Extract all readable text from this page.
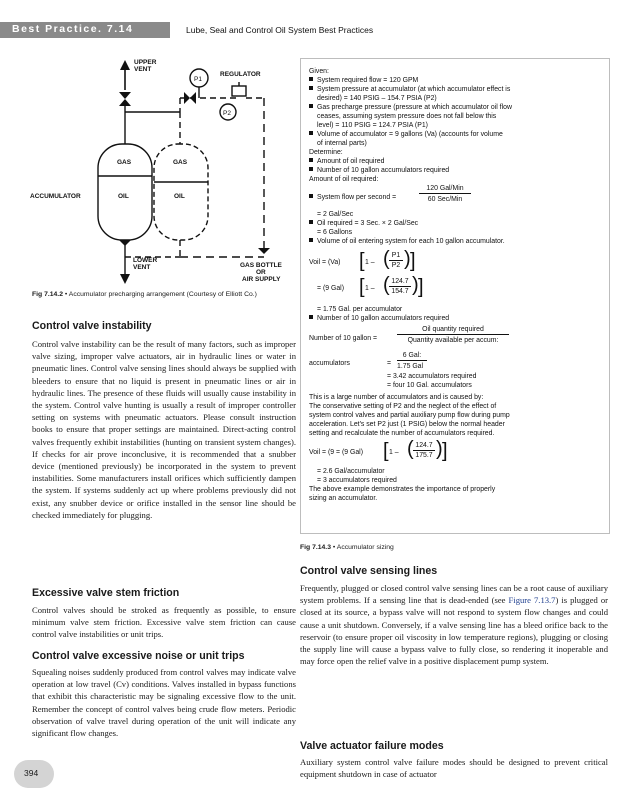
Best Practice. 7.14	Lube, Seal and Control Oil System Best Practices
UPPER VENT
P1
REGULATOR
P2
GAS	GAS
ACCUMULATOR	OIL	OIL
LOWER VENT	GAS BOTTLE OR AIR SUPPLY
Fig 7.14.2 • Accumulator precharging arrangement (Courtesy of Elliott Co.)
Control valve instability
Control valve instability can be the result of many factors, such as improper valve sizing, improper valve actuators, air in hydraulic lines or water in pneumatic lines. Control valve sensing lines should always be supplied with bleeders to ensure that no liquid is present in pneumatic lines or air in hydraulic lines. The presence of these fluids will usually cause instability in the system. Control valve hunting is usually a result of improper controller setting on systems with pneumatic actuators. Please consult instruction books to ensure that proper settings are maintained. Direct-acting control valves frequently exhibit instabilities (hunting on transient system changes). If checks for air prove inconclusive, it is recommended that a snubber device (mentioned previously) be incorporated in the system to prevent instabilities. Some manufacturers install orifices which sufficiently dampen the system. If systems suddenly act up where problems previously did not exist, any snubber device or orifice installed in the sensor line should be checked immediately for plugging.
Excessive valve stem friction
Control valves should be stroked as frequently as possible, to ensure minimum valve stem friction. Excessive valve stem friction can cause control valve instabilities or unit trips.
Control valve excessive noise or unit trips
Squealing noises suddenly produced from control valves may indicate valve operation at low travel (Cv) conditions. Valves installed in bypass functions that exhibit this characteristic may be signaling excessive flow to the unit. Remember the concept of control valves being crude flow meters. Periodic observation of valve travel during operation of the unit will indicate any significant flow changes.
394
Given:
System required flow = 120 GPM
System pressure at accumulator (at which accumulator effect is
desired) = 140 PSIG – 154.7 PSIA (P2)
Gas precharge pressure (pressure at which accumulator oil flow
ceases, assuming system pressure does not fall below this
level) = 110 PSIG = 124.7 PSIA (P1)
Volume of accumulator = 9 gallons (Va) (accounts for volume
of internal parts)
Determine:
Amount of oil required
Number of 10 gallon accumulators required
Amount of oil required:
System flow per second =
120 Gal/Min
60 Sec/Min
= 2 Gal/Sec
Oil required = 3 Sec. × 2 Gal/Sec
= 6 Gallons
Volume of oil entering system for each 10 gallon accumulator.
Voil = (Va) [ 1 – ( P1
P2 ) ]
= (9 Gal) [ 1 – ( 124.7
154.7 ) ]
= 1.75 Gal. per accumulator
Number of 10 gallon accumulators required
Number of 10 gallon =
Oil quantity required
Quantity available per accum:
accumulators	=
6 Gal:
1.75 Gal
= 3.42 accumulators required
= four 10 Gal. accumulators
This is a large number of accumulators and is caused by:
The conservative setting of P2 and the neglect of the effect of
system control valves and partial auxiliary pump flow during pump
acceleration. Let's set P2 just (1 PSIG) below the normal header
setting and recalculate the number of accumulators required.
Voil = (9 = (9 Gal) [ 1 – ( 124.7
175.7 ) ]
= 2.6 Gal/accumulator
= 3 accumulators required
The above example demonstrates the importance of properly
sizing an accumulator.
Fig 7.14.3 • Accumulator sizing
Control valve sensing lines
Frequently, plugged or closed control valve sensing lines can be a root cause of auxiliary system problems. If a sensing line that is dead-ended (see Figure 7.13.7) is plugged or closed at its source, a bypass valve will not respond to system flow changes and could cause a unit shutdown. Conversely, if a valve sensing line has a bleed orifice back to the reservoir (to ensure proper oil viscosity in low temperature regions), plugging or closing the supply line will cause a bypass valve to fully close, so rendering it inoperable and may force open the relief valve in a positive displacement pump system.
Valve actuator failure modes
Auxiliary system control valve failure modes should be designed to prevent critical equipment shutdown in case of actuator
